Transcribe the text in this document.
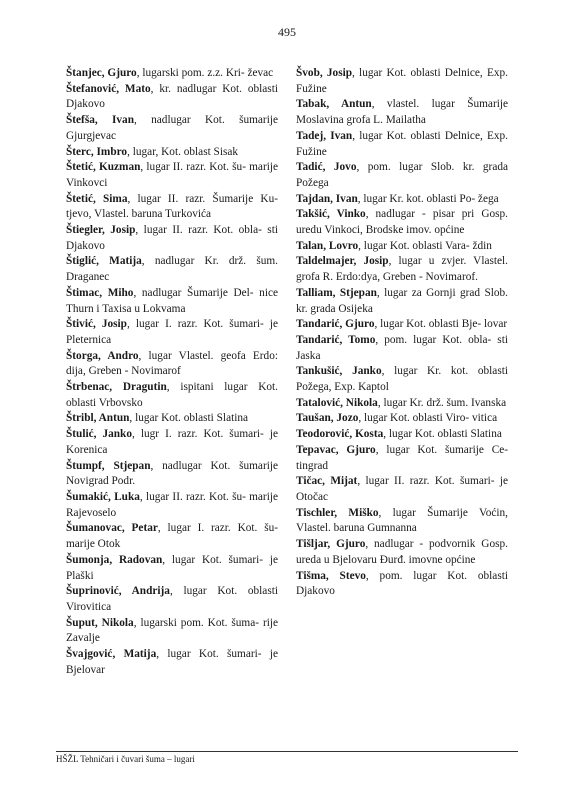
495

Štanjec, Gjuro, lugarski pom. z.z. Kri- ževac

Štefanović, Mato, kr. nadlugar Kot. oblasti Djakovo

Štefša, Ivan, nadlugar Kot. šumarije Gjurgjevac

Šterc, Imbro, lugar, Kot. oblast Sisak

Štetić, Kuzman, lugar II. razr. Kot. šu- marije Vinkovci

Štetić, Sima, lugar II. razr. Šumarije Ku- tjevo, Vlastel. baruna Turkovića

Štiegler, Josip, lugar II. razr. Kot. obla- sti Djakovo

Štiglić, Matija, nadlugar Kr. drž. šum. Draganec

Štimac, Miho, nadlugar Šumarije Del- nice Thurn i Taxisa u Lokvama

Štivić, Josip, lugar I. razr. Kot. šumari- je Pleternica

Štorga, Andro, lugar Vlastel. geofa Erdo: dija, Greben - Novimarof

Štrbenac, Dragutin, ispitani lugar Kot. oblasti Vrbovsko

Štribl, Antun, lugar Kot. oblasti Slatina

Štulić, Janko, lugr I. razr. Kot. šumari- je Korenica

Štumpf, Stjepan, nadlugar Kot. šumarije Novigrad Podr.

Šumakić, Luka, lugar II. razr. Kot. šu- marije Rajevoselo

Šumanovac, Petar, lugar I. razr. Kot. šu- marije Otok

Šumonja, Radovan, lugar Kot. šumari- je Plaški

Šuprinović, Andrija, lugar Kot. oblasti Virovitica

Šuput, Nikola, lugarski pom. Kot. šuma- rije Zavalje

Švajgović, Matija, lugar Kot. šumari- je Bjelovar

Švob, Josip, lugar Kot. oblasti Delnice, Exp. Fužine

Tabak, Antun, vlastel. lugar Šumarije Moslavina grofa L. Mailatha

Tadej, Ivan, lugar Kot. oblasti Delnice, Exp. Fužine

Tadić, Jovo, pom. lugar Slob. kr. grada Požega

Tajdan, Ivan, lugar Kr. kot. oblasti Po- žega

Takšić, Vinko, nadlugar - pisar pri Gosp. uredu Vinkoci, Brodske imov. općine

Talan, Lovro, lugar Kot. oblasti Vara- ždin

Taldelmajer, Josip, lugar u zvjer. Vlastel. grofa R. Erdo:dya, Greben - Novimarof.

Talliam, Stjepan, lugar za Gornji grad Slob. kr. grada Osijeka

Tandarić, Gjuro, lugar Kot. oblasti Bje- lovar

Tandarić, Tomo, pom. lugar Kot. obla- sti Jaska

Tankušić, Janko, lugar Kr. kot. oblasti Požega, Exp. Kaptol

Tatalović, Nikola, lugar Kr. drž. šum. Ivanska

Taušan, Jozo, lugar Kot. oblasti Viro- vitica

Teodorović, Kosta, lugar Kot. oblasti Slatina

Tepavac, Gjuro, lugar Kot. šumarije Ce- tingrad

Tičac, Mijat, lugar II. razr. Kot. šumari- je Otočac

Tischler, Miško, lugar Šumarije Voćin, Vlastel. baruna Gumnanna

Tišljar, Gjuro, nadlugar - podvornik Gosp. ureda u Bjelovaru Đurđ. imovne općine

Tišma, Stevo, pom. lugar Kot. oblasti Djakovo

HŠŽL Tehničari i čuvari šuma – lugari
